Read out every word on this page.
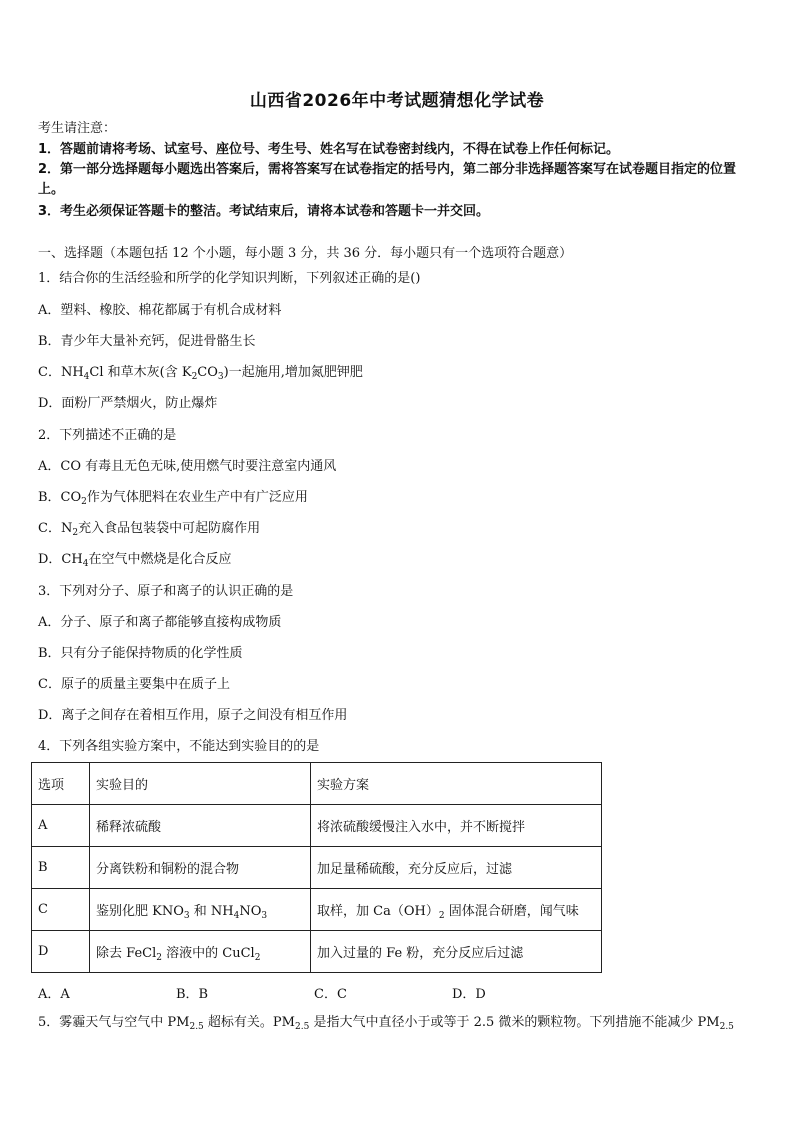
山西省2026年中考试题猜想化学试卷
考生请注意：
1．答题前请将考场、试室号、座位号、考生号、姓名写在试卷密封线内，不得在试卷上作任何标记。
2．第一部分选择题每小题选出答案后，需将答案写在试卷指定的括号内，第二部分非选择题答案写在试卷题目指定的位置上。
3．考生必须保证答题卡的整洁。考试结束后，请将本试卷和答题卡一并交回。
一、选择题（本题包括 12 个小题，每小题 3 分，共 36 分．每小题只有一个选项符合题意）
1．结合你的生活经验和所学的化学知识判断，下列叙述正确的是()
A．塑料、橡胶、棉花都属于有机合成材料
B．青少年大量补充钙，促进骨骼生长
C．$NH_4Cl$ 和草木灰(含 $K_2CO_3$)一起施用,增加氮肥钾肥
D．面粉厂严禁烟火，防止爆炸
2．下列描述不正确的是
A．CO 有毒且无色无味,使用燃气时要注意室内通风
B．$CO_2$作为气体肥料在农业生产中有广泛应用
C．$N_2$充入食品包装袋中可起防腐作用
D．$CH_4$在空气中燃烧是化合反应
3．下列对分子、原子和离子的认识正确的是
A．分子、原子和离子都能够直接构成物质
B．只有分子能保持物质的化学性质
C．原子的质量主要集中在质子上
D．离子之间存在着相互作用，原子之间没有相互作用
4．下列各组实验方案中，不能达到实验目的的是
选项	实验目的	实验方案
A	稀释浓硫酸	将浓硫酸缓慢注入水中，并不断搅拌
B	分离铁粉和铜粉的混合物	加足量稀硫酸，充分反应后，过滤
C	鉴别化肥 $KNO_3$ 和 $NH_4NO_3$	取样，加 $Ca(OH)_2$ 固体混合研磨，闻气味
D	除去 FeCl$_2$ 溶液中的 CuCl$_2$	加入过量的 Fe 粉，充分反应后过滤
A．A	B．B	C．C	D．D
5．雾霾天气与空气中 $PM_{2.5}$ 超标有关。$PM_{2.5}$ 是指大气中直径小于或等于 2.5 微米的颗粒物。下列措施不能减少 $PM_{2.5}$
